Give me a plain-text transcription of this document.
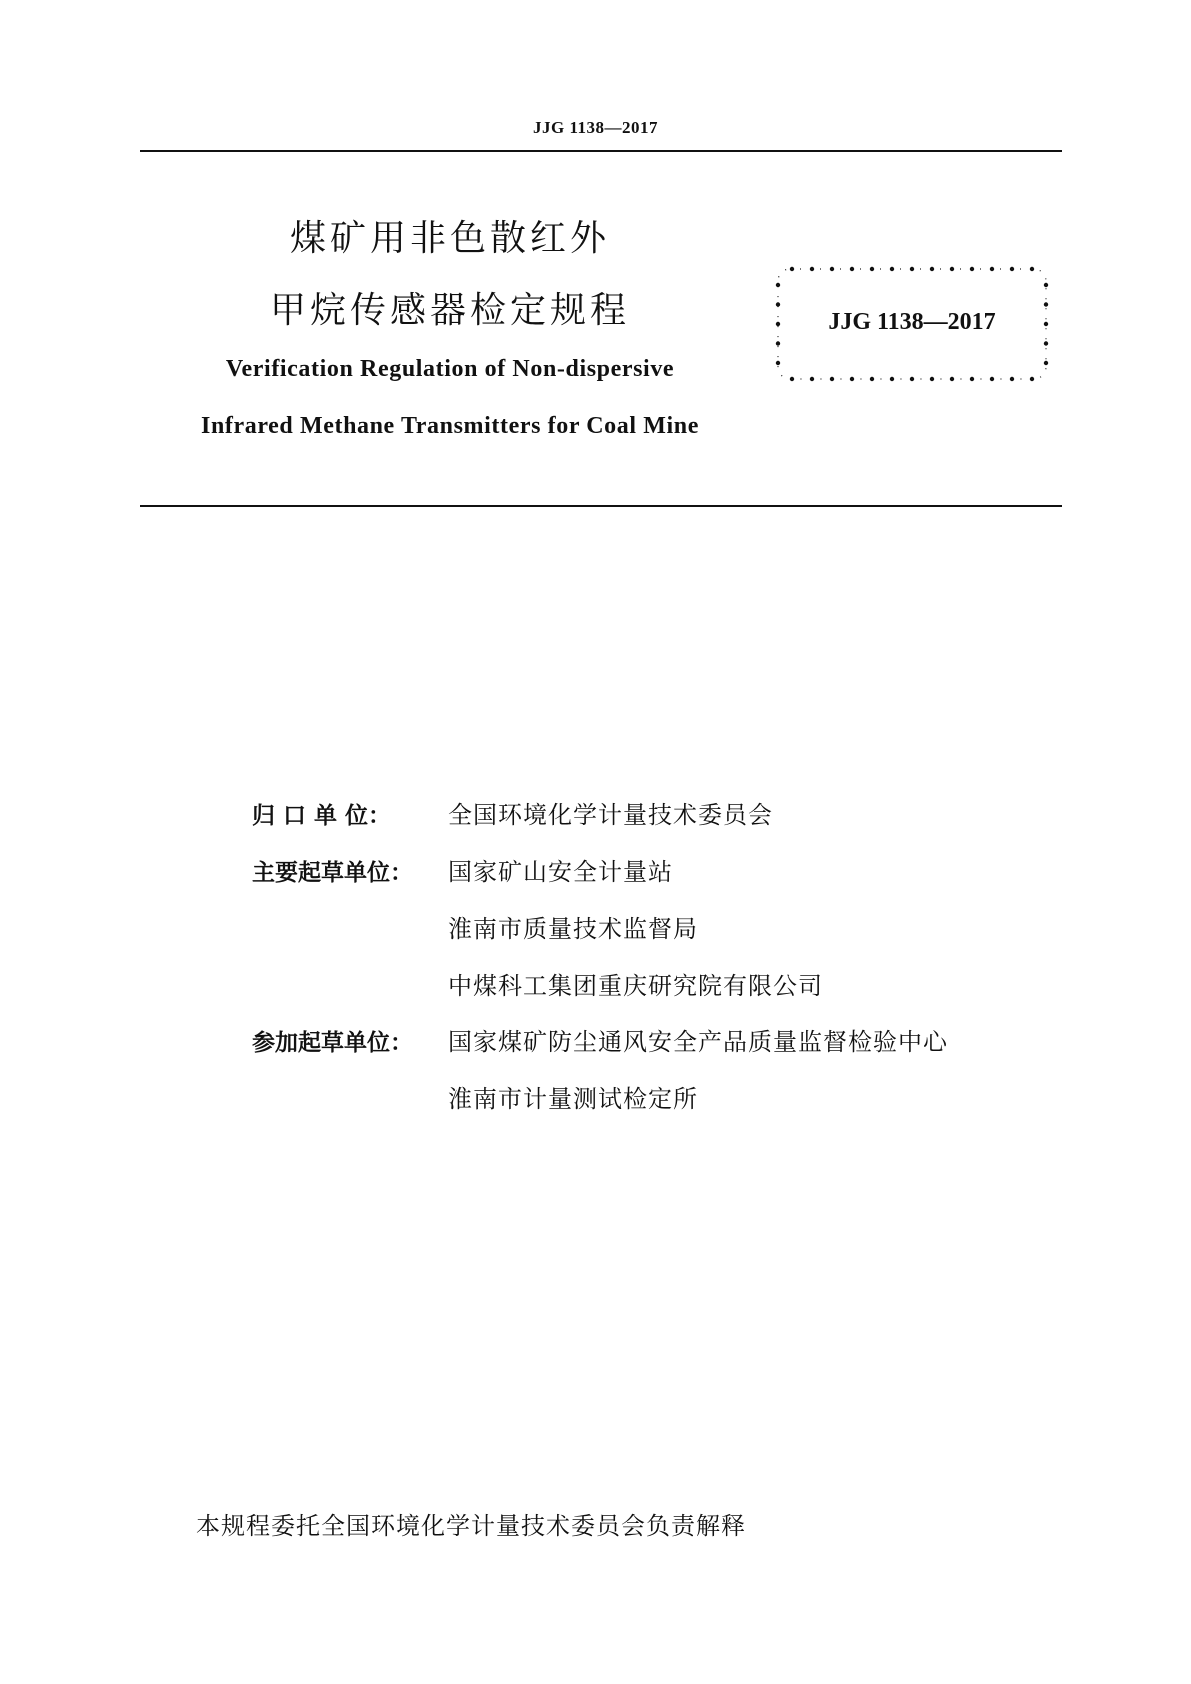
JJG 1138—2017
煤矿用非色散红外
甲烷传感器检定规程
Verification Regulation of Non-dispersive
Infrared Methane Transmitters for Coal Mine
JJG 1138—2017
归 口 单 位： 全国环境化学计量技术委员会
主要起草单位： 国家矿山安全计量站
淮南市质量技术监督局
中煤科工集团重庆研究院有限公司
参加起草单位： 国家煤矿防尘通风安全产品质量监督检验中心
淮南市计量测试检定所
本规程委托全国环境化学计量技术委员会负责解释
